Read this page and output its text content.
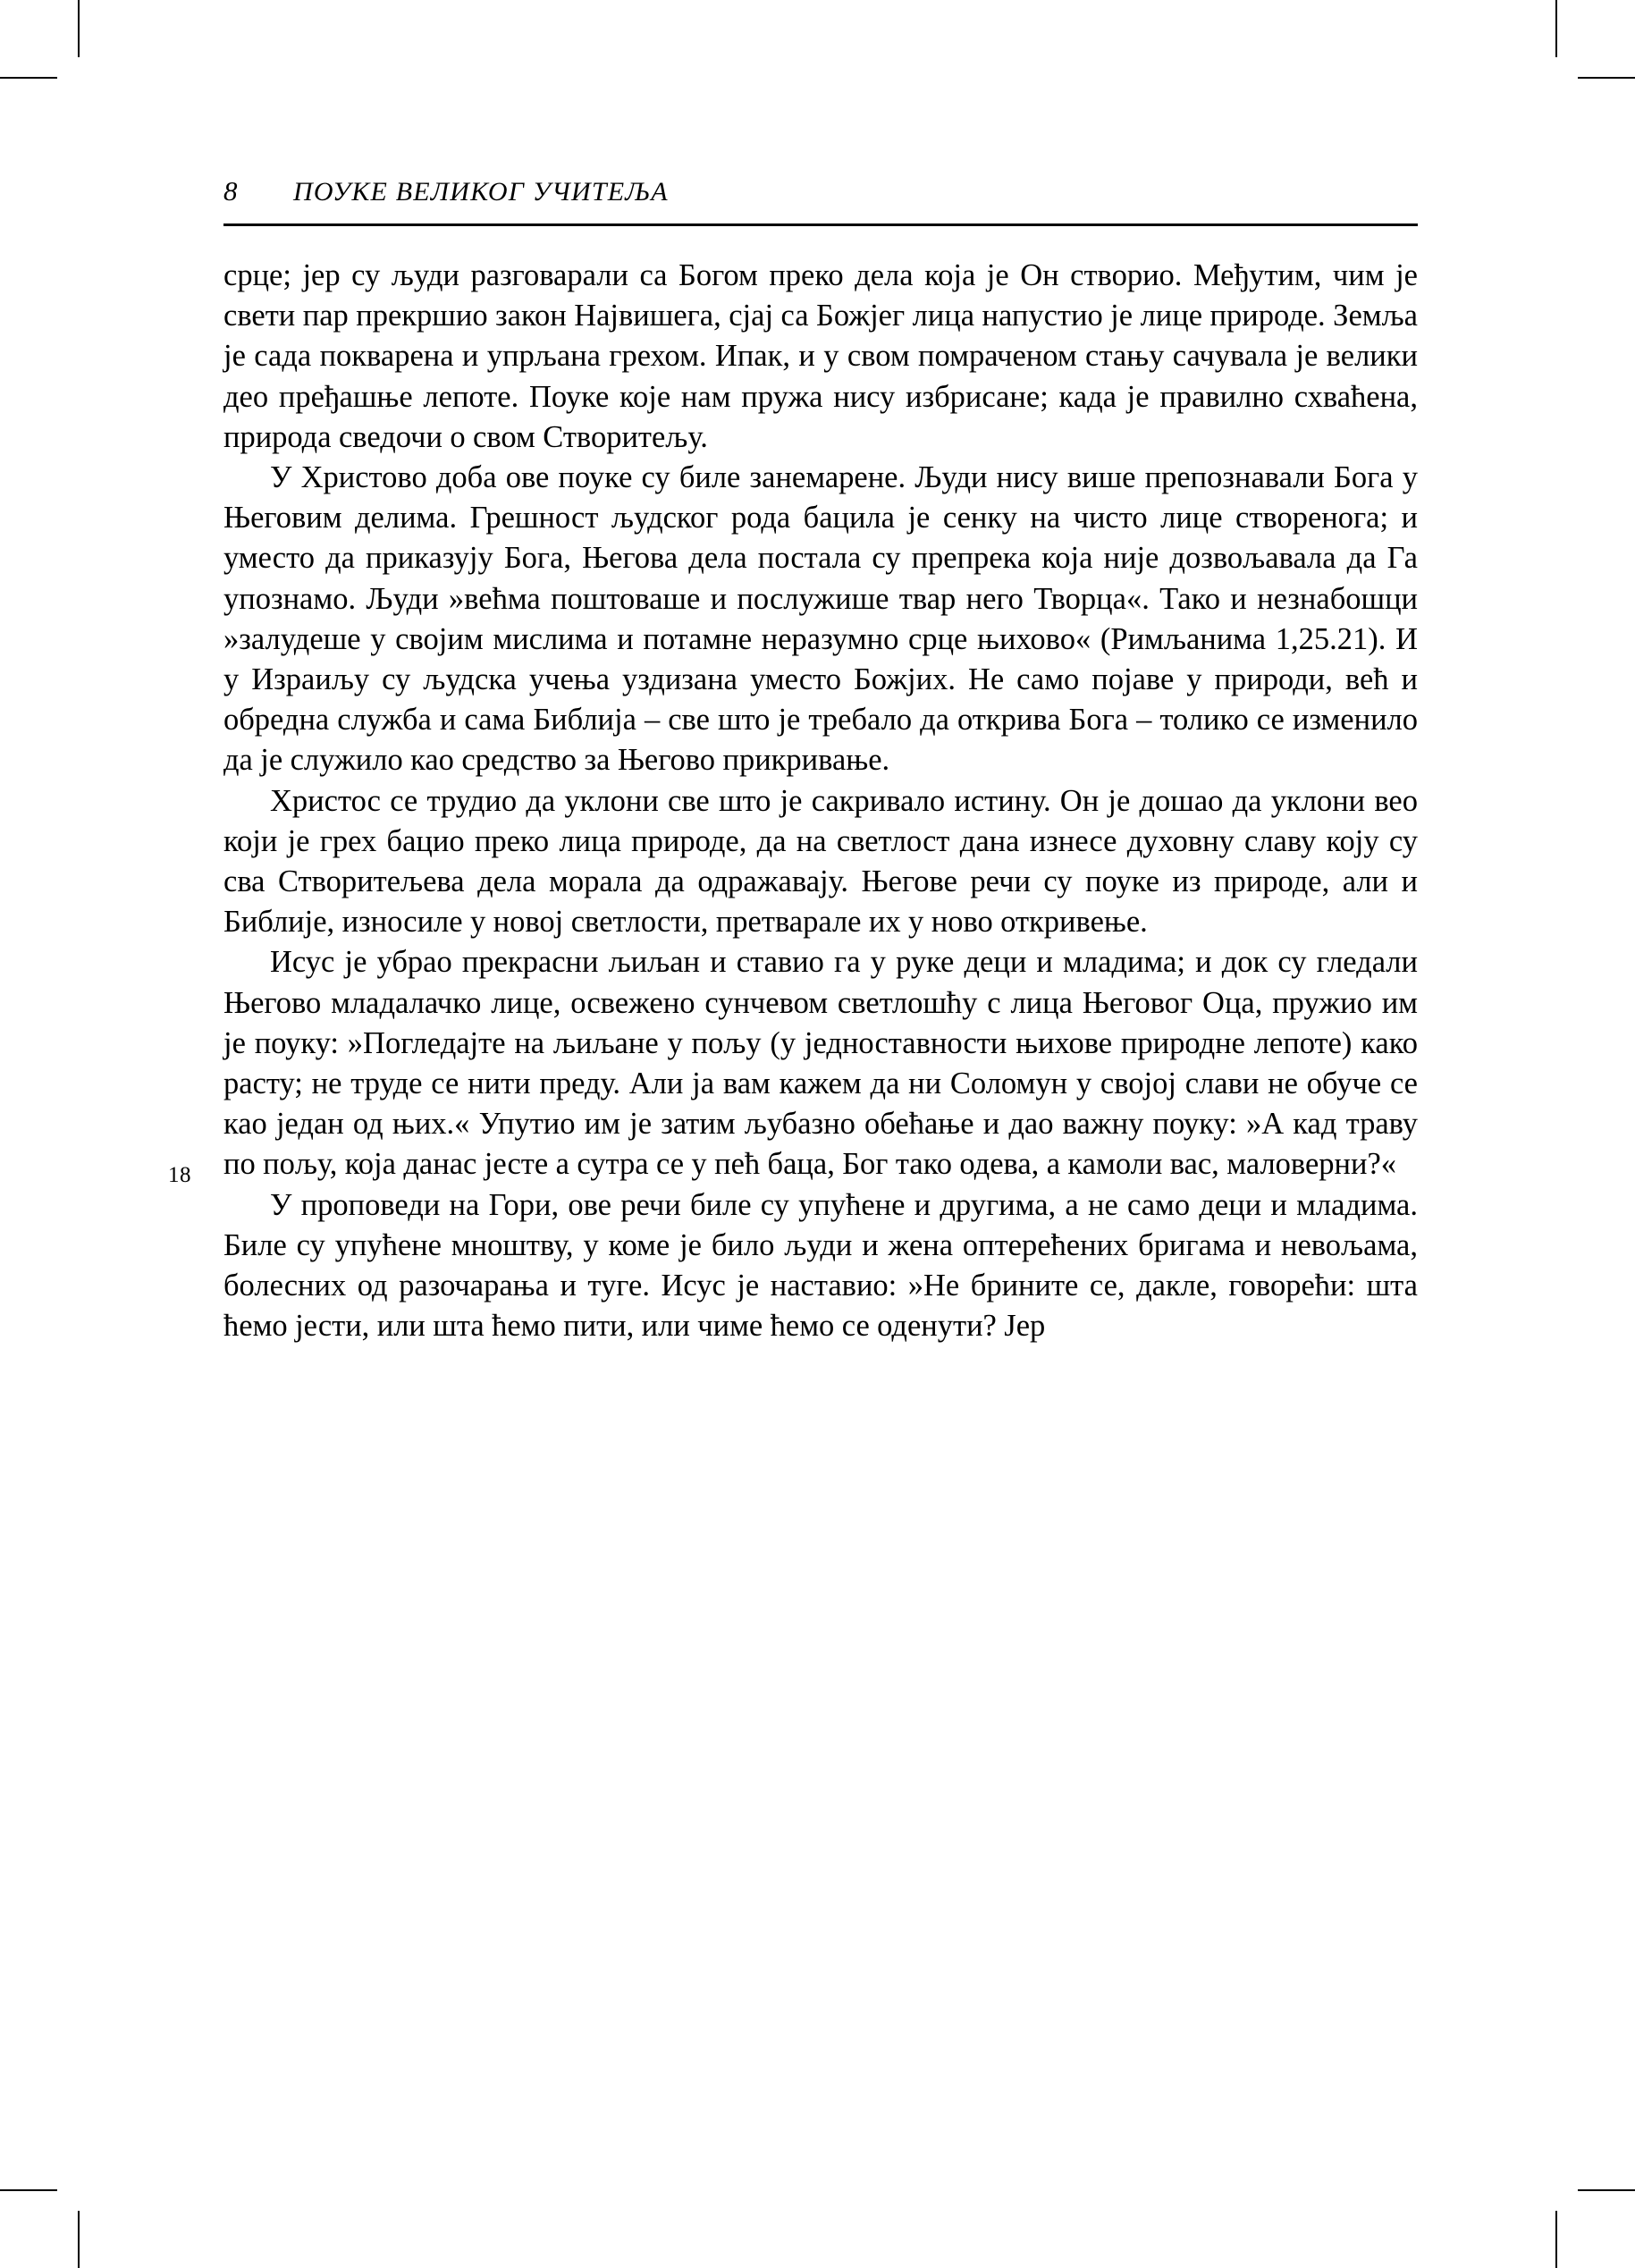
8	ПОУКЕ ВЕЛИКОГ УЧИТЕЉА
18

срце; јер су људи разговарали са Богом преко дела која је Он створио. Међутим, чим је свети пар прекршио закон Највишега, сјај са Божјег лица напустио је лице природе. Земља је сада покварена и упрљана грехом. Ипак, и у свом помраченом стању сачувала је велики део пређашње лепоте. Поуке које нам пружа нису избрисане; када је правилно схваћена, природа сведочи о свом Створитељу.

У Христово доба ове поуке су биле занемарене. Људи нису више препознавали Бога у Његовим делима. Грешност људског рода бацила је сенку на чисто лице створенога; и уместо да приказују Бога, Његова дела постала су препрека која није дозвољавала да Га упознамо. Људи »већма поштоваше и послужише твар него Творца«. Тако и незнабошци »залудеше у својим мислима и потамне неразумно срце њихово« (Римљанима 1,25.21). И у Израиљу су људска учења уздизана уместо Божјих. Не само појаве у природи, већ и обредна служба и сама Библија – све што је требало да открива Бога – толико се изменило да је служило као средство за Његово прикривање.

Христос се трудио да уклони све што је сакривало истину. Он је дошао да уклони вео који је грех бацио преко лица природе, да на светлост дана изнесе духовну славу коју су сва Створитељева дела морала да одражавају. Његове речи су поуке из природе, али и Библије, износиле у новој светлости, претварале их у ново откривење.

Исус је убрао прекрасни љиљан и ставио га у руке деци и младима; и док су гледали Његово младалачко лице, освежено сунчевом светлошћу с лица Његовог Оца, пружио им је поуку: »Погледајте на љиљане у пољу (у једноставности њихове природне лепоте) како расту; не труде се нити преду. Али ја вам кажем да ни Соломун у својој слави не обуче се као један од њих.« Упутио им је затим љубазно обећање и дао важну поуку: »А кад траву по пољу, која данас јесте а сутра се у пећ баца, Бог тако одева, а камоли вас, маловерни?«

У проповеди на Гори, ове речи биле су упућене и другима, а не само деци и младима. Биле су упућене мноштву, у коме је било људи и жена оптерећених бригама и невољама, болесних од разочарања и туге. Исус је наставио: »Не брините се, дакле, говорећи: шта ћемо јести, или шта ћемо пити, или чиме ћемо се оденути? Јер
